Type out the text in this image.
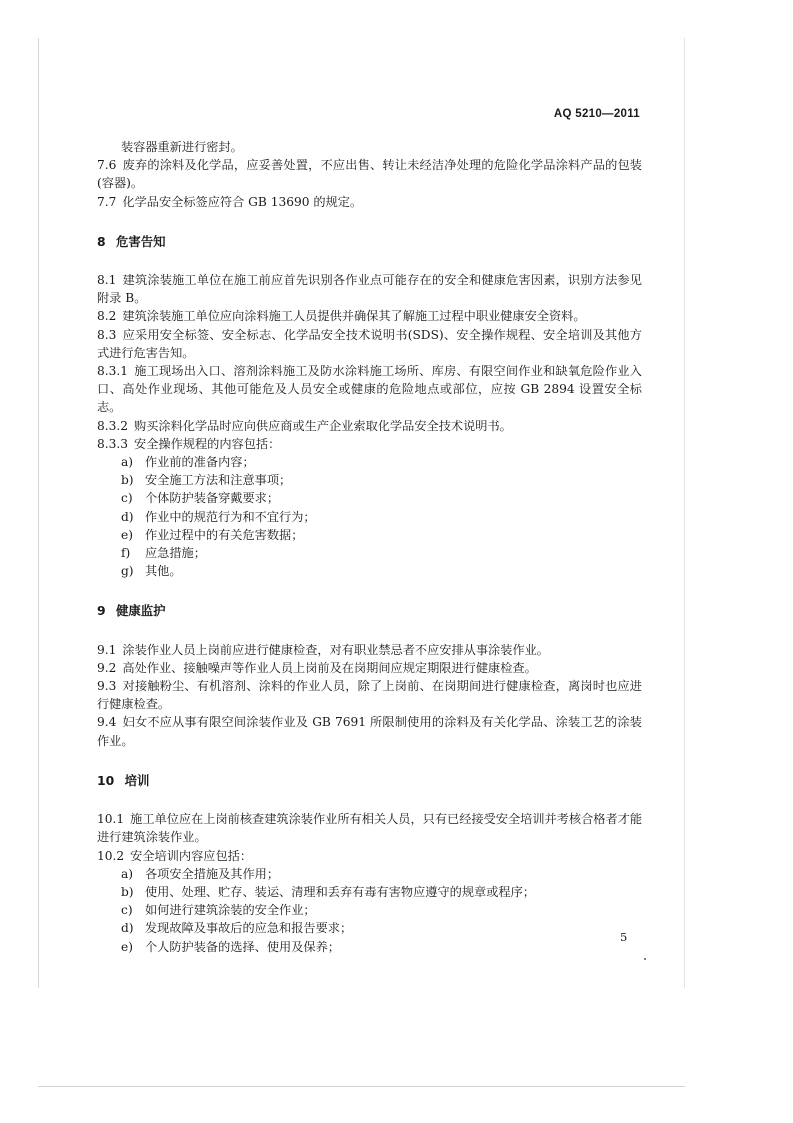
AQ 5210—2011

装容器重新进行密封。

7.6 废弃的涂料及化学品，应妥善处置，不应出售、转让未经洁净处理的危险化学品涂料产品的包装(容器)。

7.7 化学品安全标签应符合 GB 13690 的规定。

8 危害告知

8.1 建筑涂装施工单位在施工前应首先识别各作业点可能存在的安全和健康危害因素，识别方法参见附录 B。

8.2 建筑涂装施工单位应向涂料施工人员提供并确保其了解施工过程中职业健康安全资料。

8.3 应采用安全标签、安全标志、化学品安全技术说明书(SDS)、安全操作规程、安全培训及其他方式进行危害告知。

8.3.1 施工现场出入口、溶剂涂料施工及防水涂料施工场所、库房、有限空间作业和缺氧危险作业入口、高处作业现场、其他可能危及人员安全或健康的危险地点或部位，应按 GB 2894 设置安全标志。

8.3.2 购买涂料化学品时应向供应商或生产企业索取化学品安全技术说明书。

8.3.3 安全操作规程的内容包括：

a) 作业前的准备内容；
b) 安全施工方法和注意事项；
c)	个体防护装备穿戴要求；
d) 作业中的规范行为和不宜行为；
e) 作业过程中的有关危害数据；
f)	应急措施；
g) 其他。

9 健康监护

9.1 涂装作业人员上岗前应进行健康检查，对有职业禁忌者不应安排从事涂装作业。

9.2 高处作业、接触噪声等作业人员上岗前及在岗期间应规定期限进行健康检查。

9.3 对接触粉尘、有机溶剂、涂料的作业人员，除了上岗前、在岗期间进行健康检查，离岗时也应进行健康检查。

9.4 妇女不应从事有限空间涂装作业及 GB 7691 所限制使用的涂料及有关化学品、涂装工艺的涂装作业。

10 培训

10.1 施工单位应在上岗前核查建筑涂装作业所有相关人员，只有已经接受安全培训并考核合格者才能进行建筑涂装作业。

10.2 安全培训内容应包括：

a) 各项安全措施及其作用；
b) 使用、处理、贮存、装运、清理和丢弃有毒有害物应遵守的规章或程序；
c)	如何进行建筑涂装的安全作业；
d) 发现故障及事故后的应急和报告要求；
e) 个人防护装备的选择、使用及保养；
5
